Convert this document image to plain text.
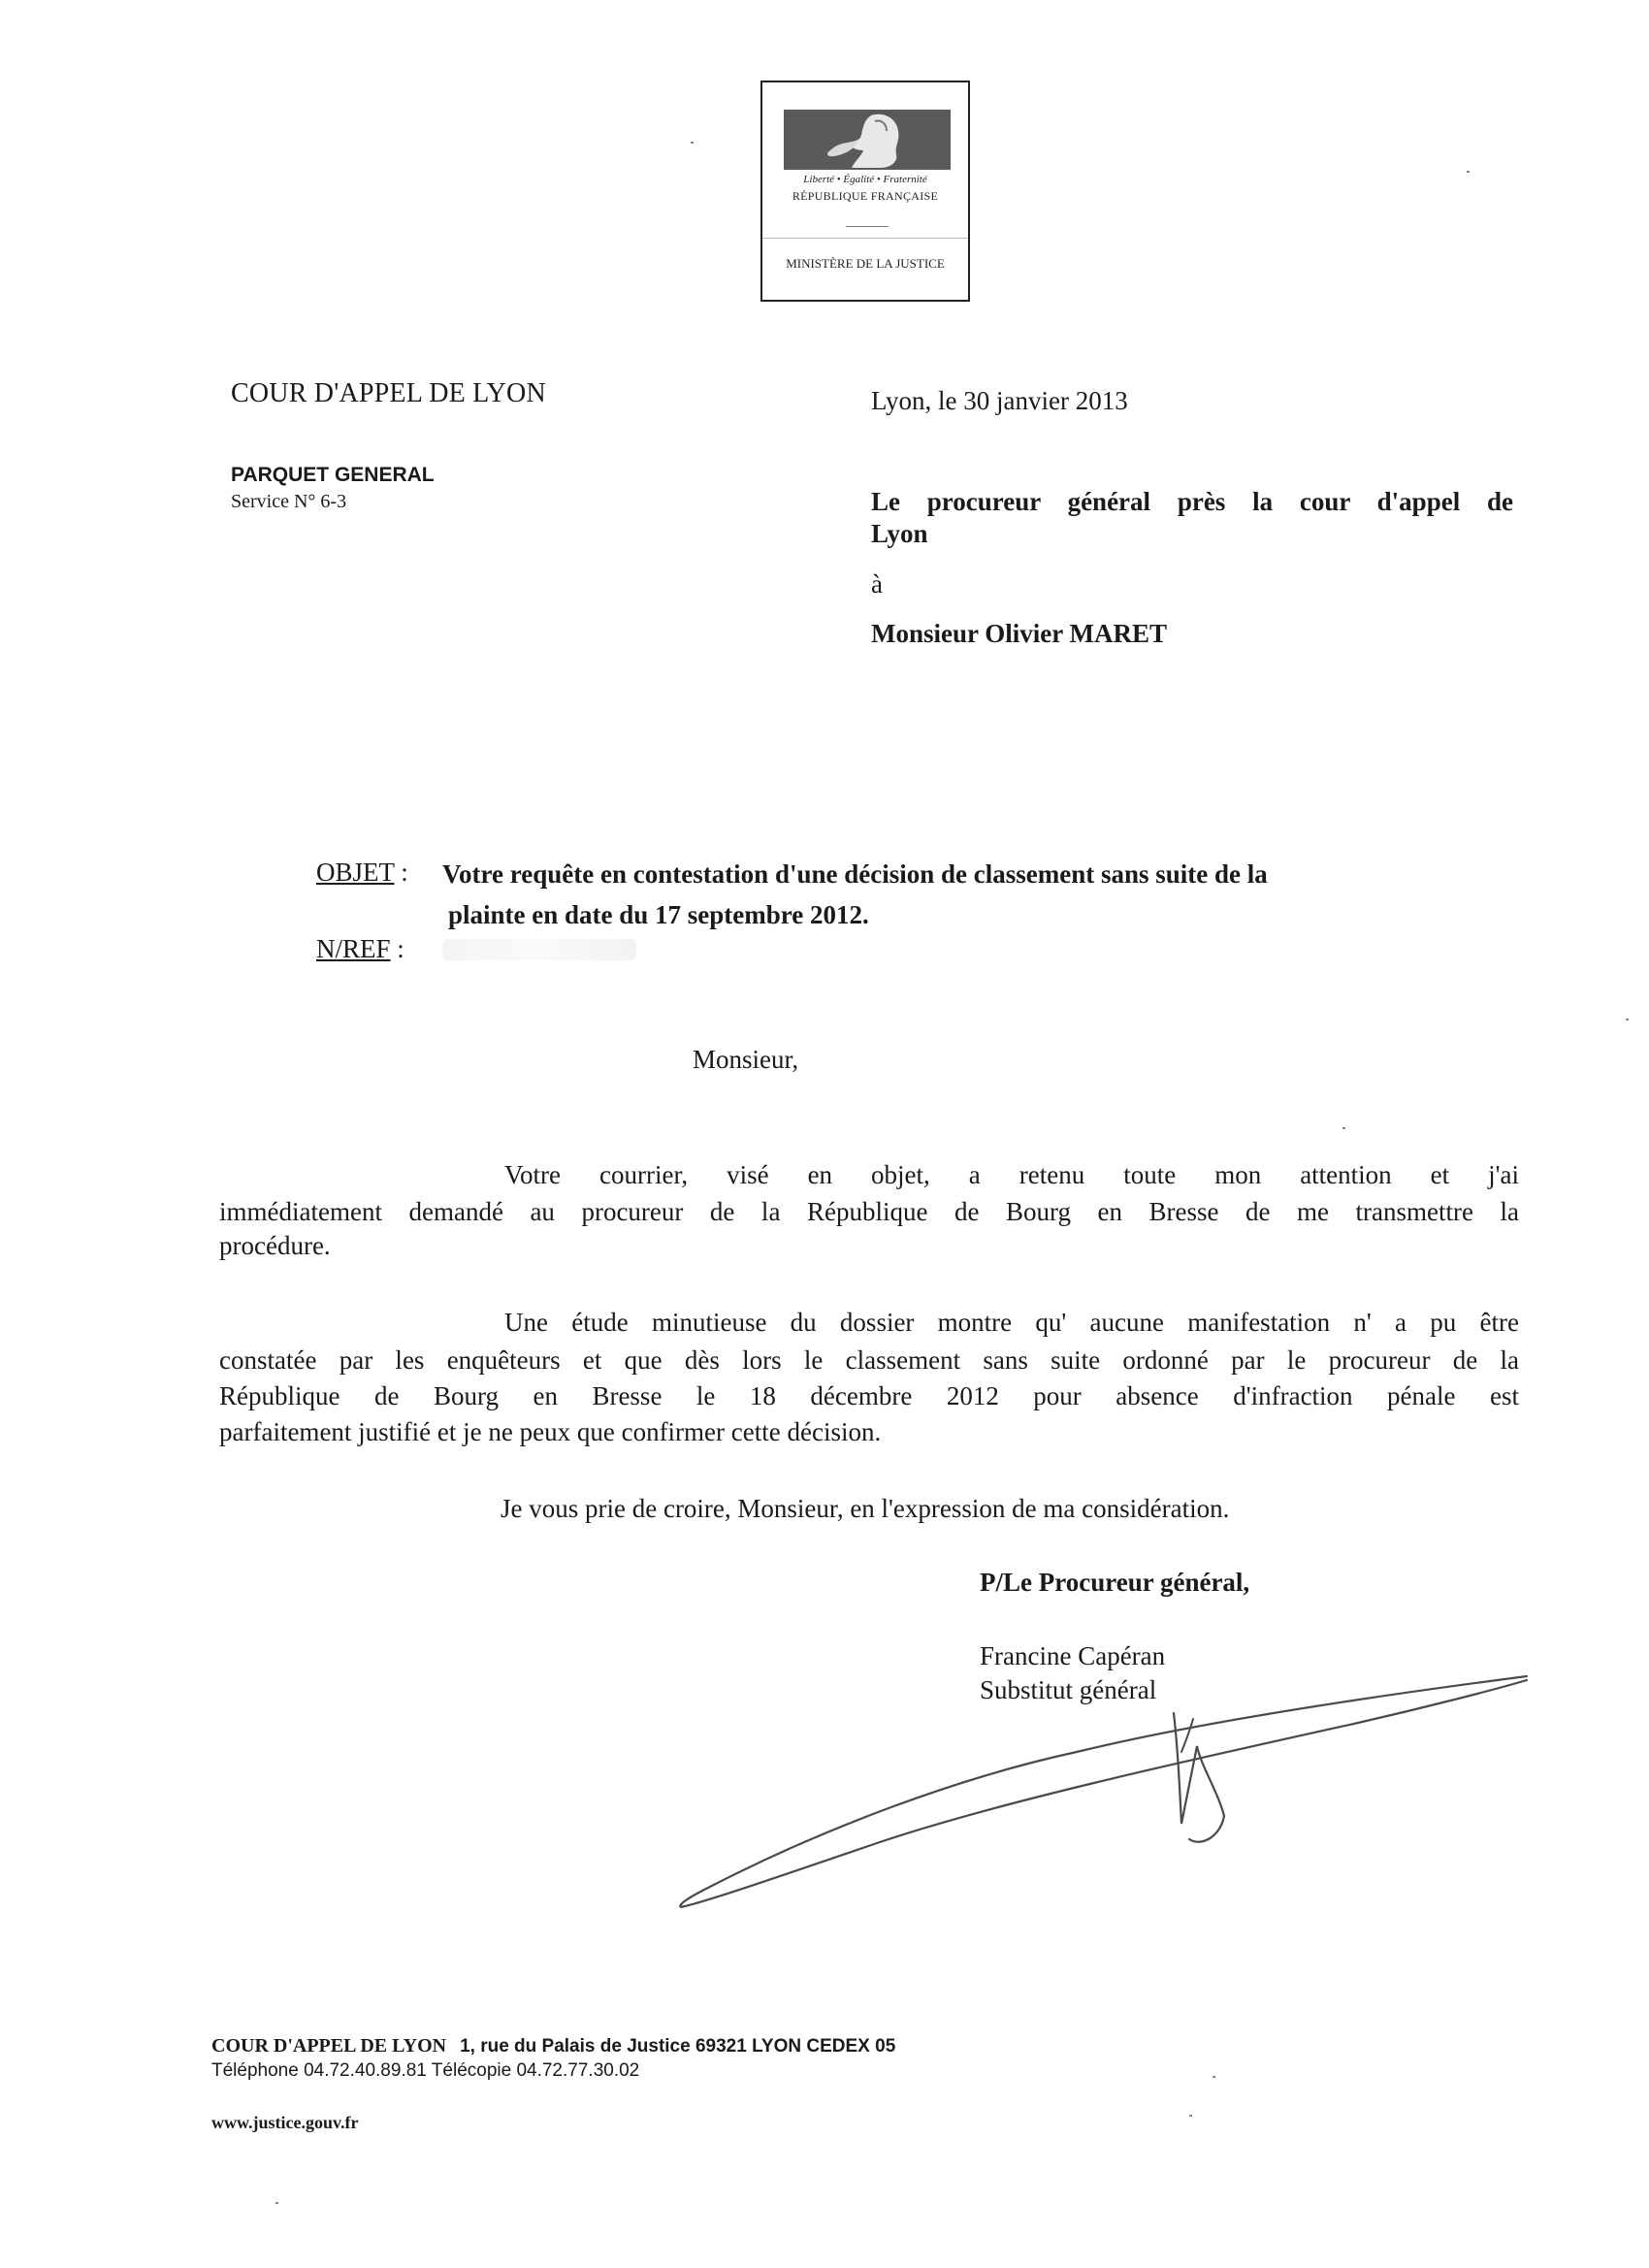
Liberté • Égalité • Fraternité
RÉPUBLIQUE FRANÇAISE
MINISTÈRE DE LA JUSTICE
COUR D'APPEL DE LYON
PARQUET GENERAL
Service N° 6-3
Lyon, le 30 janvier 2013
Le procureur général près la cour d'appel de
Lyon
à
Monsieur Olivier MARET
OBJET : Votre requête en contestation d'une décision de classement sans suite de la
plainte en date du 17 septembre 2012.
N/REF :
Monsieur,
Votre courrier, visé en objet, a retenu toute mon attention et j'ai
immédiatement demandé au procureur de la République de Bourg en Bresse de me transmettre la
procédure.
Une étude minutieuse du dossier montre qu' aucune manifestation n' a pu être
constatée par les enquêteurs et que dès lors le classement sans suite ordonné par le procureur de la
République de Bourg en Bresse le 18 décembre 2012 pour absence d'infraction pénale est
parfaitement justifié et je ne peux que confirmer cette décision.
Je vous prie de croire, Monsieur, en l'expression de ma considération.
P/Le Procureur général,
Francine Capéran
Substitut général
COUR D'APPEL DE LYON 1, rue du Palais de Justice 69321 LYON CEDEX 05
Téléphone 04.72.40.89.81 Télécopie 04.72.77.30.02
www.justice.gouv.fr
